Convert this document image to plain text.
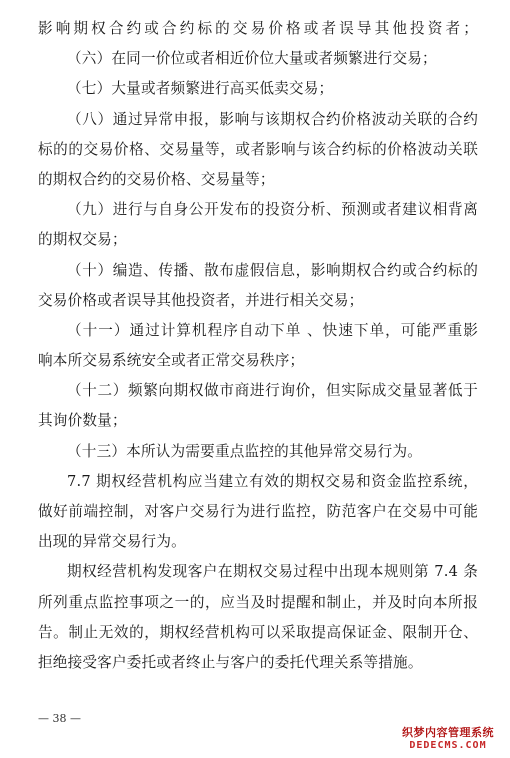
影响期权合约或合约标的交易价格或者误导其他投资者；
（六）在同一价位或者相近价位大量或者频繁进行交易；
（七）大量或者频繁进行高买低卖交易；
（八）通过异常申报，影响与该期权合约价格波动关联的合约
标的的交易价格、交易量等，或者影响与该合约标的价格波动关联
的期权合约的交易价格、交易量等；
（九）进行与自身公开发布的投资分析、预测或者建议相背离
的期权交易；
（十）编造、传播、散布虚假信息，影响期权合约或合约标的
交易价格或者误导其他投资者，并进行相关交易；
（十一）通过计算机程序自动下单 、快速下单，可能严重影
响本所交易系统安全或者正常交易秩序；
（十二）频繁向期权做市商进行询价，但实际成交量显著低于
其询价数量；
（十三）本所认为需要重点监控的其他异常交易行为。
7.7 期权经营机构应当建立有效的期权交易和资金监控系统，
做好前端控制，对客户交易行为进行监控，防范客户在交易中可能
出现的异常交易行为。
期权经营机构发现客户在期权交易过程中出现本规则第 7.4 条
所列重点监控事项之一的，应当及时提醒和制止，并及时向本所报
告。制止无效的，期权经营机构可以采取提高保证金、限制开仓、
拒绝接受客户委托或者终止与客户的委托代理关系等措施。
— 38 —
织梦内容管理系统
DEDECMS.COM
